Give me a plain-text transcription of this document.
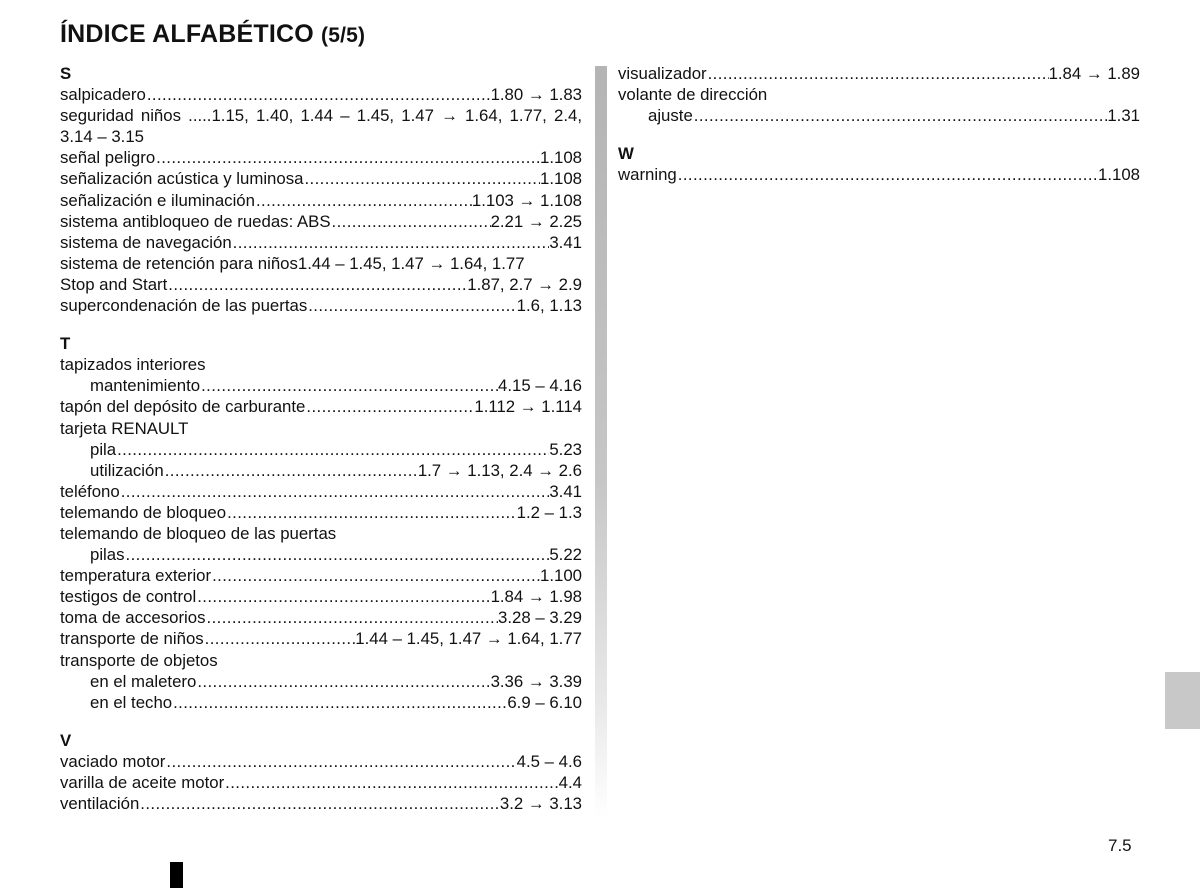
ÍNDICE ALFABÉTICO (5/5)
S
salpicadero .....	1.80 → 1.83
seguridad niños .....1.15, 1.40, 1.44 – 1.45, 1.47 → 1.64, 1.77, 2.4, 3.14 – 3.15
señal peligro .....	1.108
señalización acústica y luminosa .....	1.108
señalización e iluminación .....	1.103 → 1.108
sistema antibloqueo de ruedas: ABS .....	2.21 → 2.25
sistema de navegación .....	3.41
sistema de retención para niños 1.44 – 1.45, 1.47 → 1.64, 1.77
Stop and Start .....	1.87, 2.7 → 2.9
supercondenación de las puertas .....	1.6, 1.13
T
tapizados interiores
mantenimiento .....	4.15 – 4.16
tapón del depósito de carburante .....	1.112 → 1.114
tarjeta RENAULT
pila .....	5.23
utilización .....	1.7 → 1.13, 2.4 → 2.6
teléfono .....	3.41
telemando de bloqueo .....	1.2 – 1.3
telemando de bloqueo de las puertas
pilas .....	5.22
temperatura exterior .....	1.100
testigos de control .....	1.84 → 1.98
toma de accesorios .....	3.28 – 3.29
transporte de niños .....	1.44 – 1.45, 1.47 → 1.64, 1.77
transporte de objetos
en el maletero .....	3.36 → 3.39
en el techo .....	6.9 – 6.10
V
vaciado motor .....	4.5 – 4.6
varilla de aceite motor .....	4.4
ventilación .....	3.2 → 3.13
visualizador .....	1.84 → 1.89
volante de dirección
ajuste .....	1.31
W
warning .....	1.108
7.5
